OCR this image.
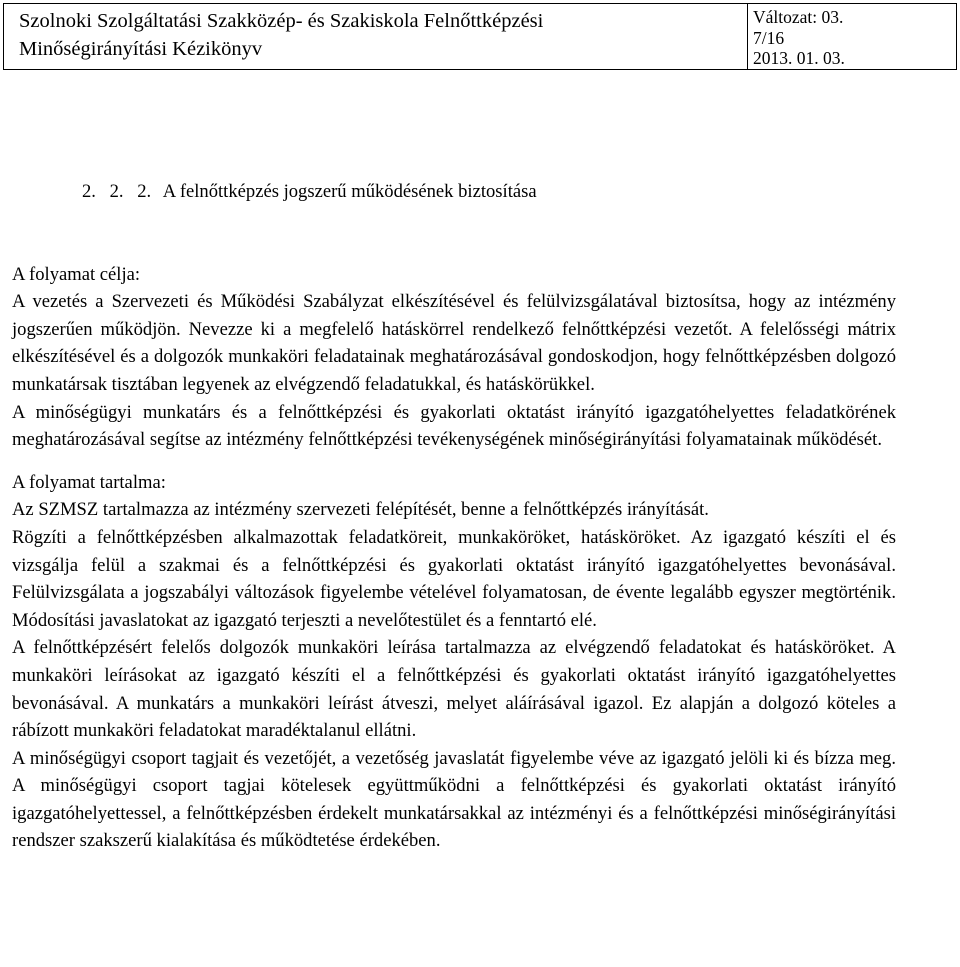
Szolnoki Szolgáltatási Szakközép- és Szakiskola Felnőttképzési
Minőségirányítási Kézikönyv
Változat: 03.
7/16
2013. 01. 03.
2. 2. 2. A felnőttképzés jogszerű működésének biztosítása

A folyamat célja:

A vezetés a Szervezeti és Működési Szabályzat elkészítésével és felülvizsgálatával biztosítsa, hogy az intézmény jogszerűen működjön. Nevezze ki a megfelelő hatáskörrel rendelkező felnőttképzési vezetőt. A felelősségi mátrix elkészítésével és a dolgozók munkaköri feladatainak meghatározásával gondoskodjon, hogy felnőttképzésben dolgozó munkatársak tisztában legyenek az elvégzendő feladatukkal, és hatáskörükkel.

A minőségügyi munkatárs és a felnőttképzési és gyakorlati oktatást irányító igazgatóhelyettes feladatkörének meghatározásával segítse az intézmény felnőttképzési tevékenységének minőségirányítási folyamatainak működését.

A folyamat tartalma:

Az SZMSZ tartalmazza az intézmény szervezeti felépítését, benne a felnőttképzés irányítását.

Rögzíti a felnőttképzésben alkalmazottak feladatköreit, munkaköröket, hatásköröket. Az igazgató készíti el és vizsgálja felül a szakmai és a felnőttképzési és gyakorlati oktatást irányító igazgatóhelyettes bevonásával. Felülvizsgálata a jogszabályi változások figyelembe vételével folyamatosan, de évente legalább egyszer megtörténik. Módosítási javaslatokat az igazgató terjeszti a nevelőtestület és a fenntartó elé.

A felnőttképzésért felelős dolgozók munkaköri leírása tartalmazza az elvégzendő feladatokat és hatásköröket. A munkaköri leírásokat az igazgató készíti el a felnőttképzési és gyakorlati oktatást irányító igazgatóhelyettes bevonásával. A munkatárs a munkaköri leírást átveszi, melyet aláírásával igazol. Ez alapján a dolgozó köteles a rábízott munkaköri feladatokat maradéktalanul ellátni.

A minőségügyi csoport tagjait és vezetőjét, a vezetőség javaslatát figyelembe véve az igazgató jelöli ki és bízza meg. A minőségügyi csoport tagjai kötelesek együttműködni a felnőttképzési és gyakorlati oktatást irányító igazgatóhelyettessel, a felnőttképzésben érdekelt munkatársakkal az intézményi és a felnőttképzési minőségirányítási rendszer szakszerű kialakítása és működtetése érdekében.
